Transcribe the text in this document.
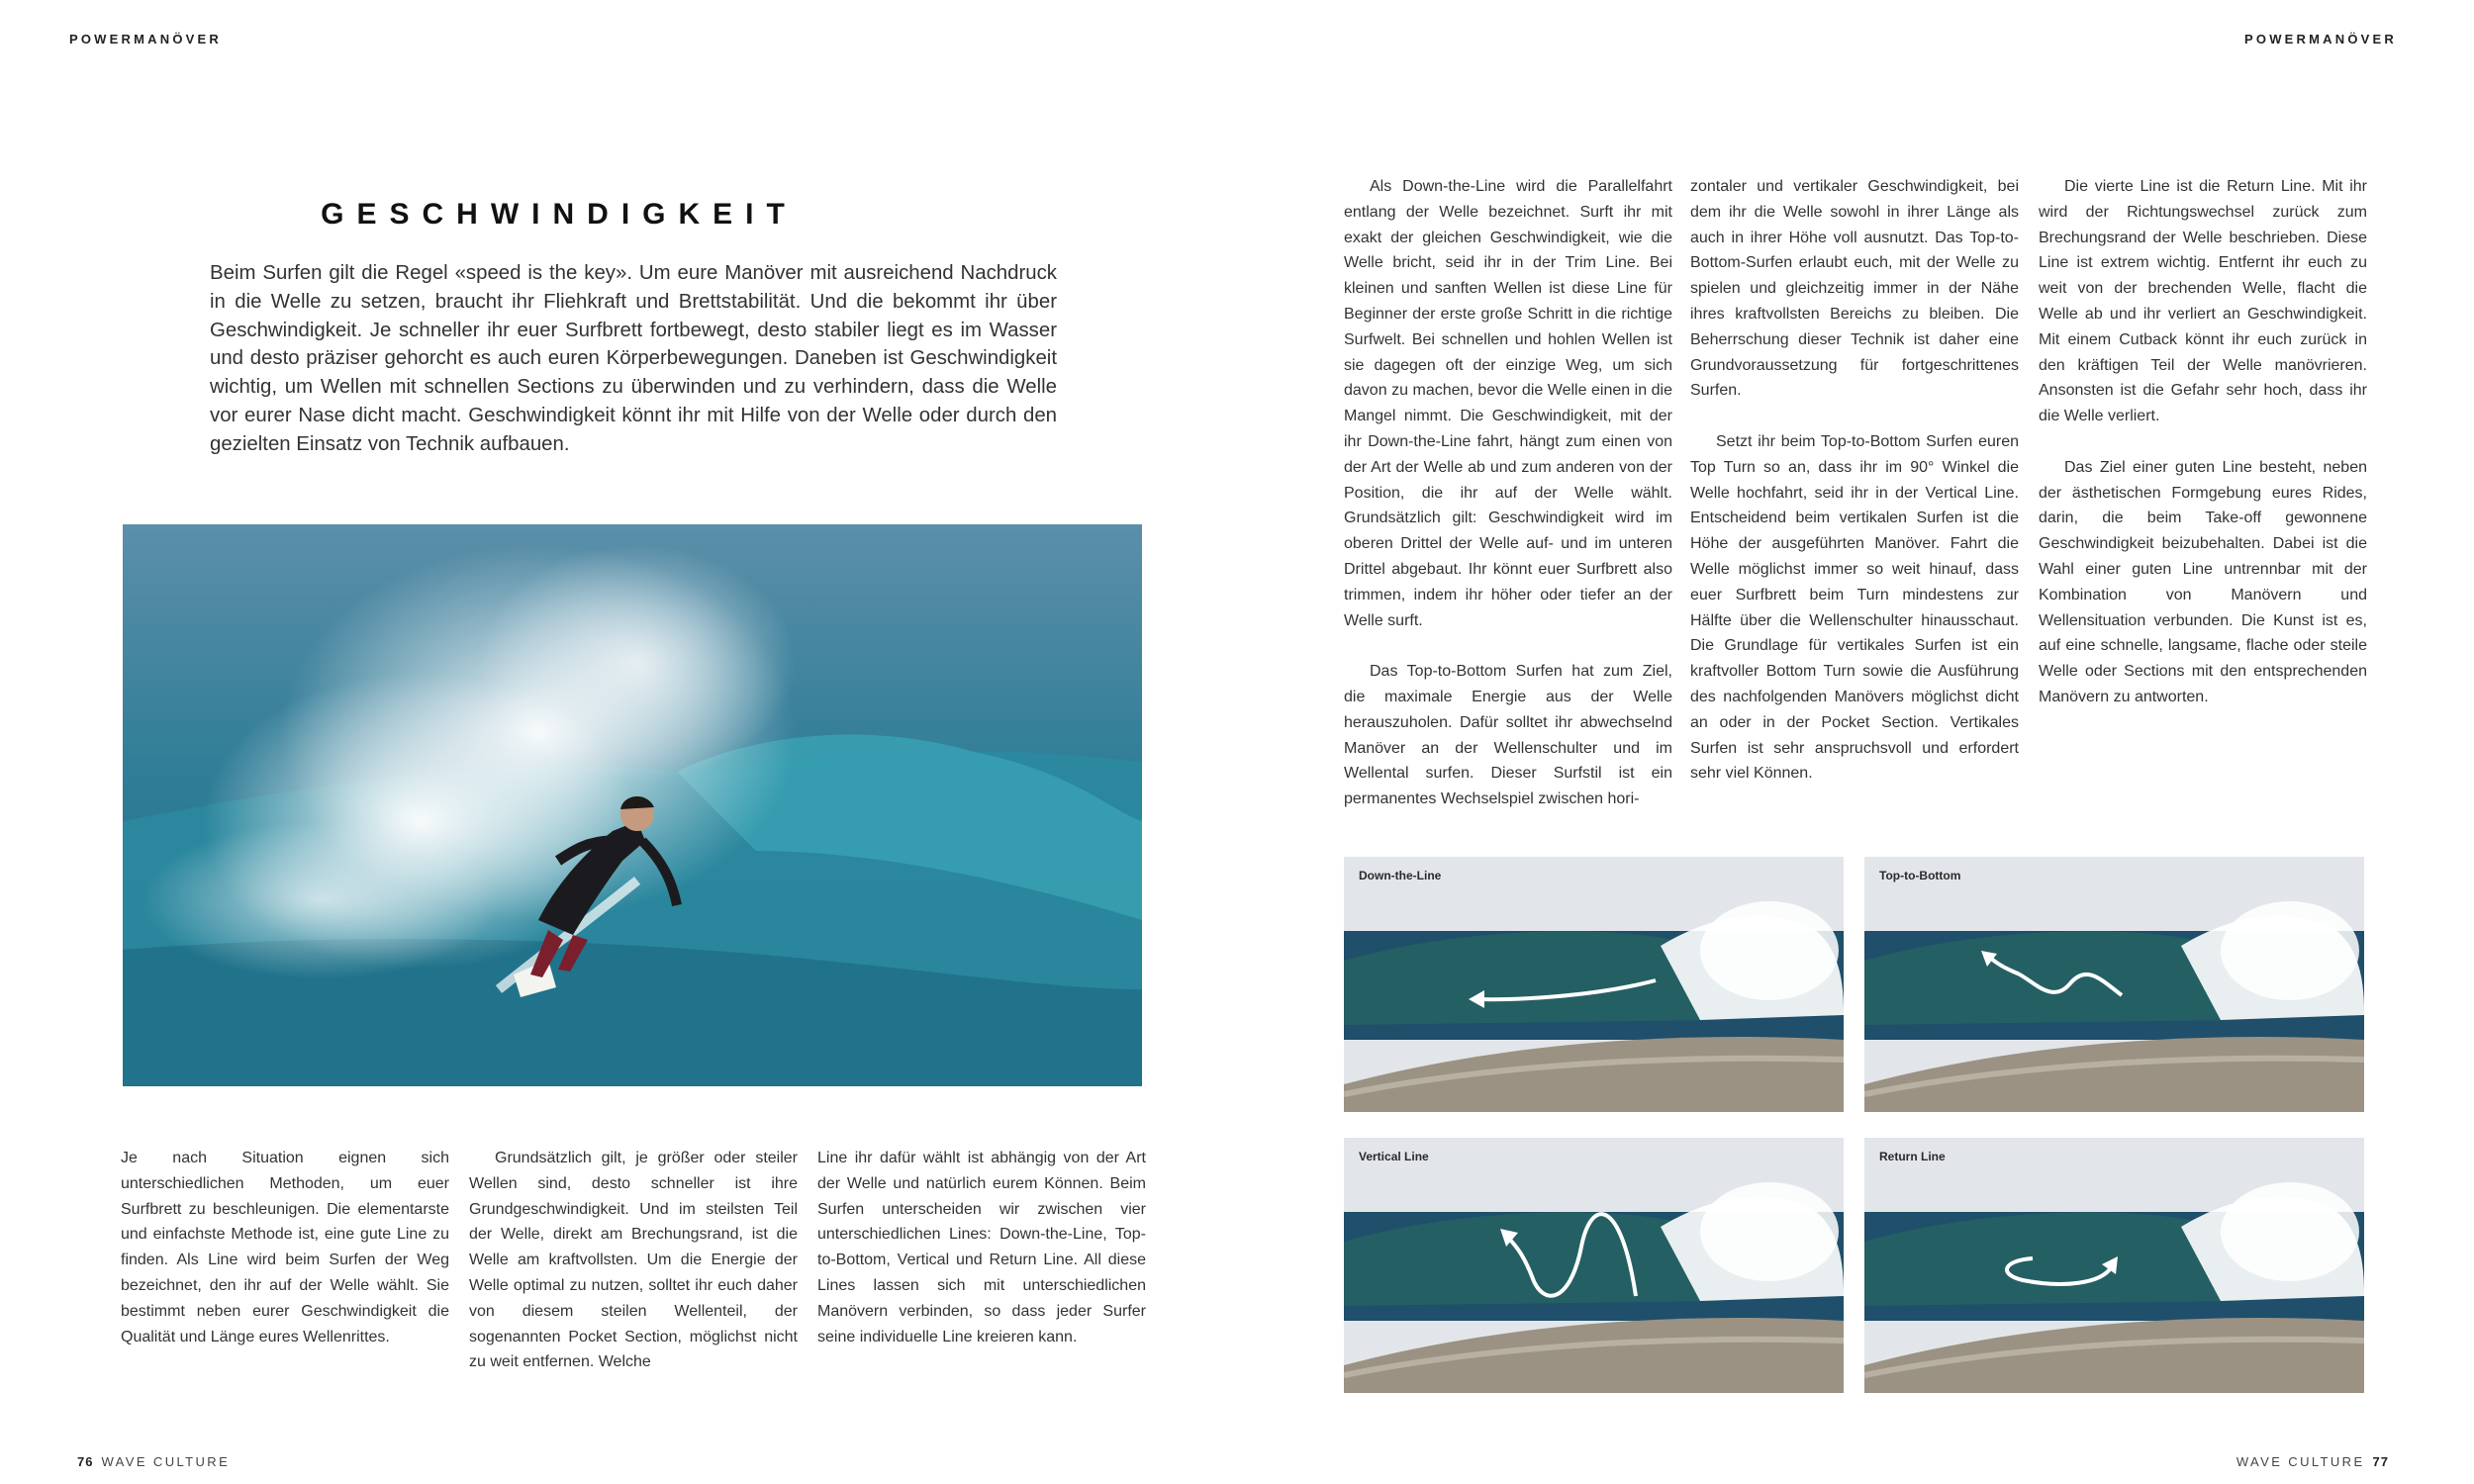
POWERMANÖVER	POWERMANÖVER
GESCHWINDIGKEIT
Beim Surfen gilt die Regel «speed is the key». Um eure Manöver mit ausreichend Nachdruck in die Welle zu setzen, braucht ihr Fliehkraft und Brettstabilität. Und die bekommt ihr über Geschwindigkeit. Je schneller ihr euer Surfbrett fortbewegt, desto stabiler liegt es im Wasser und desto präziser gehorcht es auch euren Körperbewegungen. Daneben ist Geschwindigkeit wichtig, um Wellen mit schnellen Sections zu überwinden und zu verhindern, dass die Welle vor eurer Nase dicht macht. Geschwindigkeit könnt ihr mit Hilfe von der Welle oder durch den gezielten Einsatz von Technik aufbauen.

Je nach Situation eignen sich unterschiedlichen Methoden, um euer Surfbrett zu beschleunigen. Die elementarste und einfachste Methode ist, eine gute Line zu finden. Als Line wird beim Surfen der Weg bezeichnet, den ihr auf der Welle wählt. Sie bestimmt neben eurer Geschwindigkeit die Qualität und Länge eures Wellenrittes.

Grundsätzlich gilt, je größer oder steiler Wellen sind, desto schneller ist ihre Grundgeschwindigkeit. Und im steilsten Teil der Welle, direkt am Brechungsrand, ist die Welle am kraftvollsten. Um die Energie der Welle optimal zu nutzen, solltet ihr euch daher von diesem steilen Wellenteil, der sogenannten Pocket Section, möglichst nicht zu weit entfernen. Welche

Line ihr dafür wählt ist abhängig von der Art der Welle und natürlich eurem Können. Beim Surfen unterscheiden wir zwischen vier unterschiedlichen Lines: Down-the-Line, Top-to-Bottom, Vertical und Return Line. All diese Lines lassen sich mit unterschiedlichen Manövern verbinden, so dass jeder Surfer seine individuelle Line kreieren kann.

Als Down-the-Line wird die Parallelfahrt entlang der Welle bezeichnet. Surft ihr mit exakt der gleichen Geschwindigkeit, wie die Welle bricht, seid ihr in der Trim Line. Bei kleinen und sanften Wellen ist diese Line für Beginner der erste große Schritt in die richtige Surfwelt. Bei schnellen und hohlen Wellen ist sie dagegen oft der einzige Weg, um sich davon zu machen, bevor die Welle einen in die Mangel nimmt. Die Geschwindigkeit, mit der ihr Down-the-Line fahrt, hängt zum einen von der Art der Welle ab und zum anderen von der Position, die ihr auf der Welle wählt. Grundsätzlich gilt: Geschwindigkeit wird im oberen Drittel der Welle auf- und im unteren Drittel abgebaut. Ihr könnt euer Surfbrett also trimmen, indem ihr höher oder tiefer an der Welle surft.

Das Top-to-Bottom Surfen hat zum Ziel, die maximale Energie aus der Welle herauszuholen. Dafür solltet ihr abwechselnd Manöver an der Wellenschulter und im Wellental surfen. Dieser Surfstil ist ein permanentes Wechselspiel zwischen hori-

zontaler und vertikaler Geschwindigkeit, bei dem ihr die Welle sowohl in ihrer Länge als auch in ihrer Höhe voll ausnutzt. Das Top-to-Bottom-Surfen erlaubt euch, mit der Welle zu spielen und gleichzeitig immer in der Nähe ihres kraftvollsten Bereichs zu bleiben. Die Beherrschung dieser Technik ist daher eine Grundvoraussetzung für fortgeschrittenes Surfen.

Setzt ihr beim Top-to-Bottom Surfen euren Top Turn so an, dass ihr im 90° Winkel die Welle hochfahrt, seid ihr in der Vertical Line. Entscheidend beim vertikalen Surfen ist die Höhe der ausgeführten Manöver. Fahrt die Welle möglichst immer so weit hinauf, dass euer Surfbrett beim Turn mindestens zur Hälfte über die Wellenschulter hinausschaut. Die Grundlage für vertikales Surfen ist ein kraftvoller Bottom Turn sowie die Ausführung des nachfolgenden Manövers möglichst dicht an oder in der Pocket Section. Vertikales Surfen ist sehr anspruchsvoll und erfordert sehr viel Können.

Die vierte Line ist die Return Line. Mit ihr wird der Richtungswechsel zurück zum Brechungsrand der Welle beschrieben. Diese Line ist extrem wichtig. Entfernt ihr euch zu weit von der brechenden Welle, flacht die Welle ab und ihr verliert an Geschwindigkeit. Mit einem Cutback könnt ihr euch zurück in den kräftigen Teil der Welle manövrieren. Ansonsten ist die Gefahr sehr hoch, dass ihr die Welle verliert.

Das Ziel einer guten Line besteht, neben der ästhetischen Formgebung eures Rides, darin, die beim Take-off gewonnene Geschwindigkeit beizubehalten. Dabei ist die Wahl einer guten Line untrennbar mit der Kombination von Manövern und Wellensituation verbunden. Die Kunst ist es, auf eine schnelle, langsame, flache oder steile Welle oder Sections mit den entsprechenden Manövern zu antworten.

Down-the-Line	Top-to-Bottom
Vertical Line	Return Line
76 WAVE CULTURE	WAVE CULTURE 77
